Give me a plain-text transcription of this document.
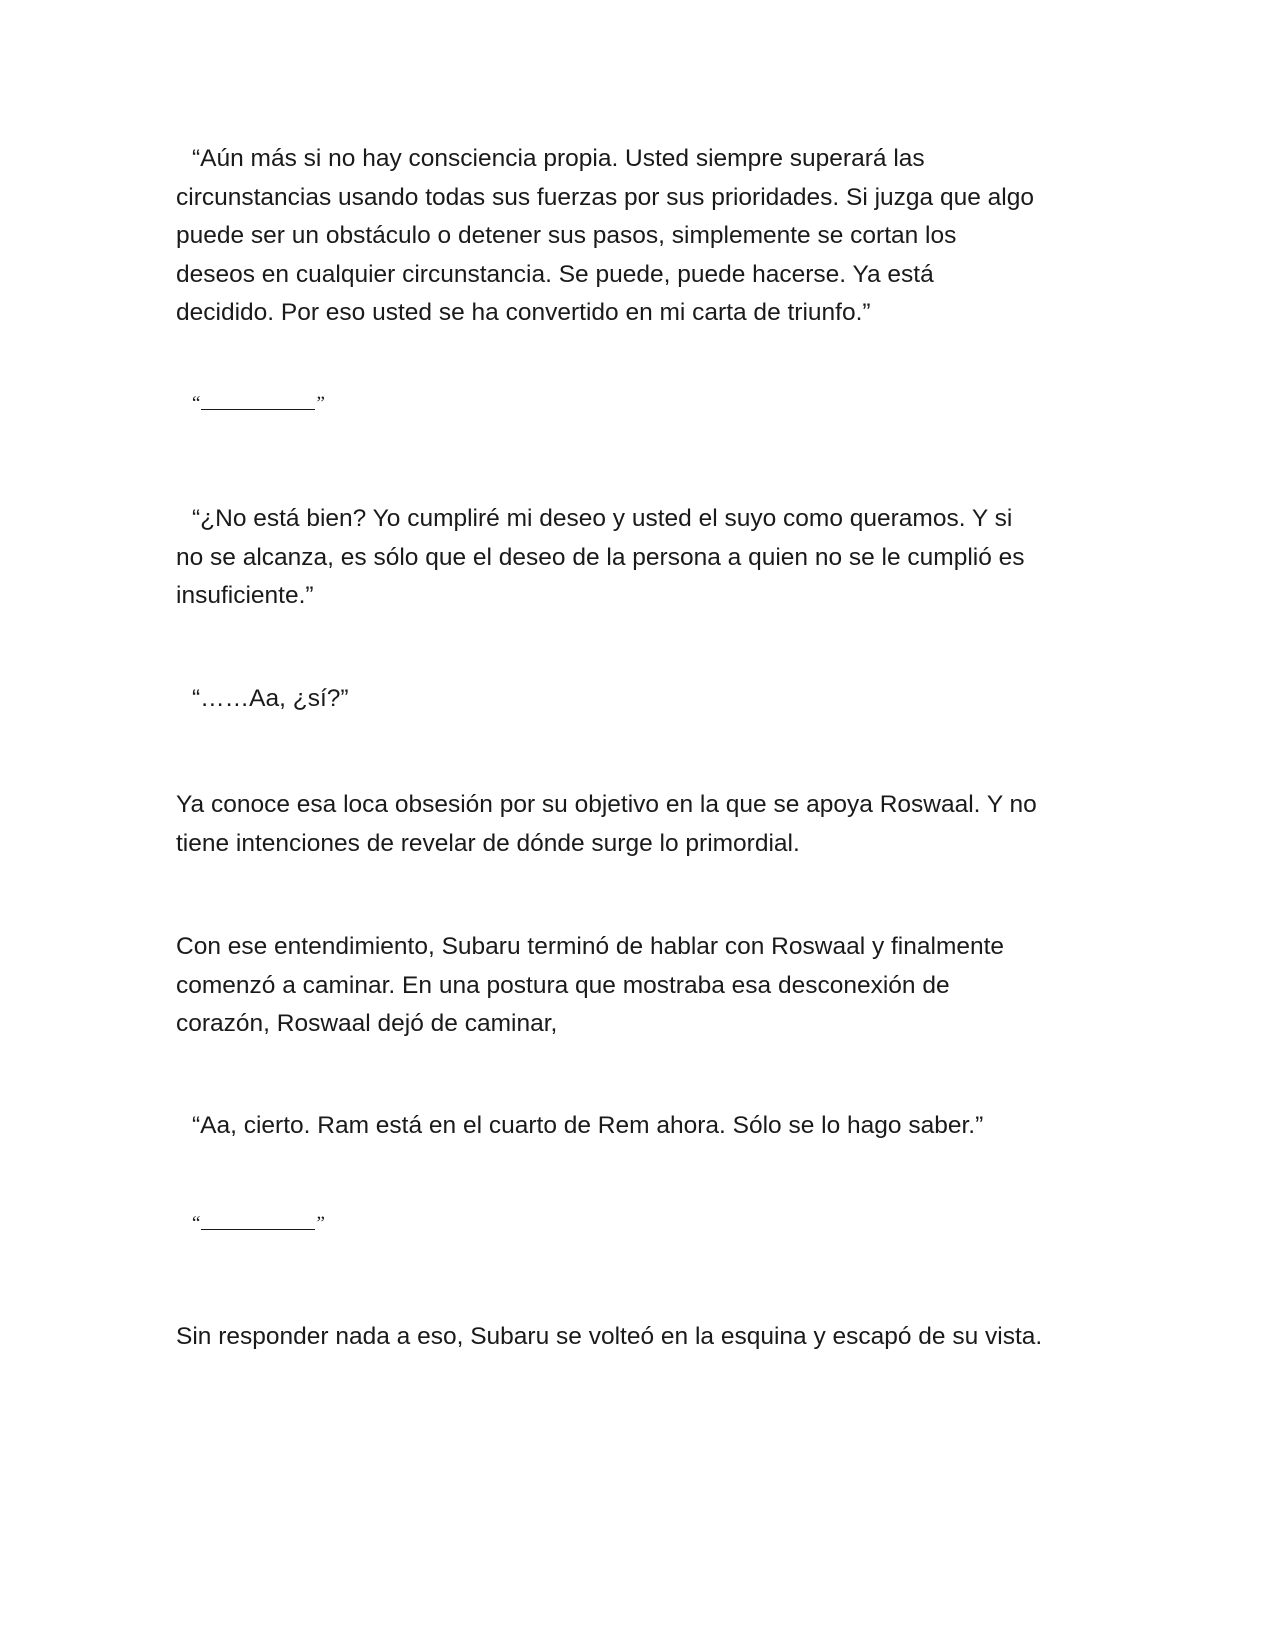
“Aún más si no hay consciencia propia. Usted siempre superará las
circunstancias usando todas sus fuerzas por sus prioridades. Si juzga que algo
puede ser un obstáculo o detener sus pasos, simplemente se cortan los
deseos en cualquier circunstancia. Se puede, puede hacerse. Ya está
decidido. Por eso usted se ha convertido en mi carta de triunfo.”

“	”

“¿No está bien? Yo cumpliré mi deseo y usted el suyo como queramos. Y si
no se alcanza, es sólo que el deseo de la persona a quien no se le cumplió es
insuficiente.”

“……Aa, ¿sí?”

Ya conoce esa loca obsesión por su objetivo en la que se apoya Roswaal. Y no
tiene intenciones de revelar de dónde surge lo primordial.

Con ese entendimiento, Subaru terminó de hablar con Roswaal y finalmente
comenzó a caminar. En una postura que mostraba esa desconexión de
corazón, Roswaal dejó de caminar,

“Aa, cierto. Ram está en el cuarto de Rem ahora. Sólo se lo hago saber.”

“	”

Sin responder nada a eso, Subaru se volteó en la esquina y escapó de su vista.
